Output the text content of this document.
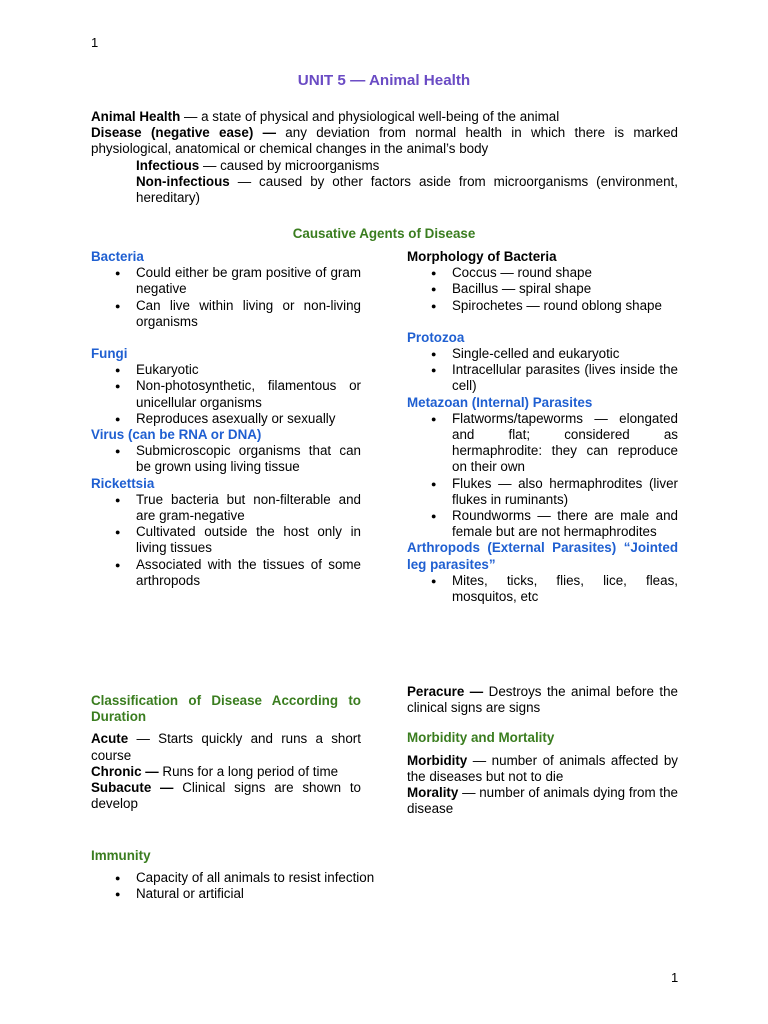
1
UNIT 5 — Animal Health

Animal Health — a state of physical and physiological well-being of the animal

Disease (negative ease) — any deviation from normal health in which there is marked physiological, anatomical or chemical changes in the animal’s body

Infectious — caused by microorganisms

Non-infectious — caused by other factors aside from microorganisms (environment, hereditary)

Causative Agents of Disease
Bacteria
● Could either be gram positive of gram negative
● Can live within living or non-living organisms
Fungi
● Eukaryotic
● Non-photosynthetic, filamentous or unicellular organisms
● Reproduces asexually or sexually
Virus (can be RNA or DNA)
● Submicroscopic organisms that can be grown using living tissue
Rickettsia
● True bacteria but non-filterable and are gram-negative
● Cultivated outside the host only in living tissues
● Associated with the tissues of some arthropods
Morphology of Bacteria
● Coccus — round shape
● Bacillus — spiral shape
● Spirochetes — round oblong shape
Protozoa
● Single-celled and eukaryotic
● Intracellular parasites (lives inside the cell)
Metazoan (Internal) Parasites
● Flatworms/tapeworms — elongated and flat; considered as hermaphrodite: they can reproduce on their own
● Flukes — also hermaphrodites (liver flukes in ruminants)
● Roundworms — there are male and female but are not hermaphrodites
Arthropods (External Parasites) “Jointed leg parasites”
● Mites, ticks, flies, lice, fleas, mosquitos, etc
Classification of Disease According to Duration

Acute — Starts quickly and runs a short course

Chronic — Runs for a long period of time

Subacute — Clinical signs are shown to develop

Peracure — Destroys the animal before the clinical signs are signs

Morbidity and Mortality

Morbidity — number of animals affected by the diseases but not to die

Morality — number of animals dying from the disease

Immunity
● Capacity of all animals to resist infection
● Natural or artificial
1
